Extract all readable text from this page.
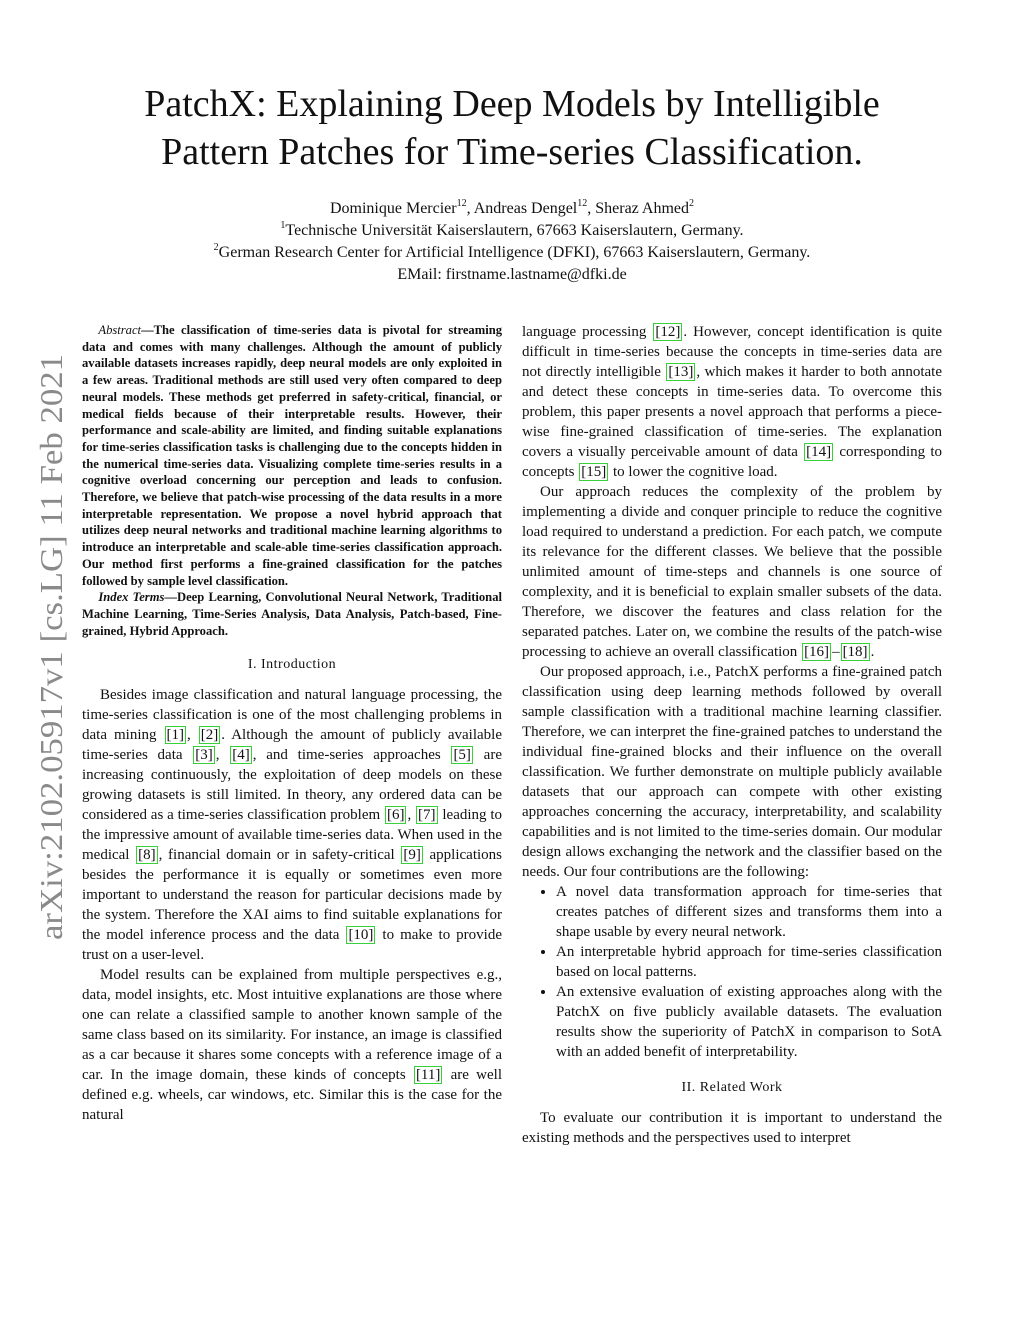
arXiv:2102.05917v1 [cs.LG] 11 Feb 2021
PatchX: Explaining Deep Models by Intelligible
Pattern Patches for Time-series Classification.
Dominique Mercier$^{12}$, Andreas Dengel$^{12}$, Sheraz Ahmed$^2$
$^1$Technische Universität Kaiserslautern, 67663 Kaiserslautern, Germany.
$^2$German Research Center for Artificial Intelligence (DFKI), 67663 Kaiserslautern, Germany.
EMail: firstname.lastname@dfki.de

Abstract—The classification of time-series data is pivotal for streaming data and comes with many challenges. Although the amount of publicly available datasets increases rapidly, deep neural models are only exploited in a few areas. Traditional methods are still used very often compared to deep neural models. These methods get preferred in safety-critical, financial, or medical fields because of their interpretable results. However, their performance and scale-ability are limited, and finding suitable explanations for time-series classification tasks is challenging due to the concepts hidden in the numerical time-series data. Visualizing complete time-series results in a cognitive overload concerning our perception and leads to confusion. Therefore, we believe that patch-wise processing of the data results in a more interpretable representation. We propose a novel hybrid approach that utilizes deep neural networks and traditional machine learning algorithms to introduce an interpretable and scale-able time-series classification approach. Our method first performs a fine-grained classification for the patches followed by sample level classification.

Index Terms—Deep Learning, Convolutional Neural Network, Traditional Machine Learning, Time-Series Analysis, Data Analysis, Patch-based, Fine-grained, Hybrid Approach.

I. Introduction

Besides image classification and natural language processing, the time-series classification is one of the most challenging problems in data mining [1] , [2] . Although the amount of publicly available time-series data [3] , [4] , and time-series approaches [5] are increasing continuously, the exploitation of deep models on these growing datasets is still limited. In theory, any ordered data can be considered as a time-series classification problem [6] , [7] leading to the impressive amount of available time-series data. When used in the medical [8] , financial domain or in safety-critical [9] applications besides the performance it is equally or sometimes even more important to understand the reason for particular decisions made by the system. Therefore the XAI aims to find suitable explanations for the model inference process and the data [10] to make to provide trust on a user-level.

Model results can be explained from multiple perspectives e.g., data, model insights, etc. Most intuitive explanations are those where one can relate a classified sample to another known sample of the same class based on its similarity. For instance, an image is classified as a car because it shares some concepts with a reference image of a car. In the image domain, these kinds of concepts [11] are well defined e.g. wheels, car windows, etc. Similar this is the case for the natural

language processing [12] . However, concept identification is quite difficult in time-series because the concepts in time-series data are not directly intelligible [13] , which makes it harder to both annotate and detect these concepts in time-series data. To overcome this problem, this paper presents a novel approach that performs a piece-wise fine-grained classification of time-series. The explanation covers a visually perceivable amount of data [14] corresponding to concepts [15] to lower the cognitive load.

Our approach reduces the complexity of the problem by implementing a divide and conquer principle to reduce the cognitive load required to understand a prediction. For each patch, we compute its relevance for the different classes. We believe that the possible unlimited amount of time-steps and channels is one source of complexity, and it is beneficial to explain smaller subsets of the data. Therefore, we discover the features and class relation for the separated patches. Later on, we combine the results of the patch-wise processing to achieve an overall classification [16] – [18] .

Our proposed approach, i.e., PatchX performs a fine-grained patch classification using deep learning methods followed by overall sample classification with a traditional machine learning classifier. Therefore, we can interpret the fine-grained patches to understand the individual fine-grained blocks and their influence on the overall classification. We further demonstrate on multiple publicly available datasets that our approach can compete with other existing approaches concerning the accuracy, interpretability, and scalability capabilities and is not limited to the time-series domain. Our modular design allows exchanging the network and the classifier based on the needs. Our four contributions are the following:

• A novel data transformation approach for time-series that creates patches of different sizes and transforms them into a shape usable by every neural network.
• An interpretable hybrid approach for time-series classification based on local patterns.
• An extensive evaluation of existing approaches along with the PatchX on five publicly available datasets. The evaluation results show the superiority of PatchX in comparison to SotA with an added benefit of interpretability.
II. Related Work

To evaluate our contribution it is important to understand the existing methods and the perspectives used to interpret
